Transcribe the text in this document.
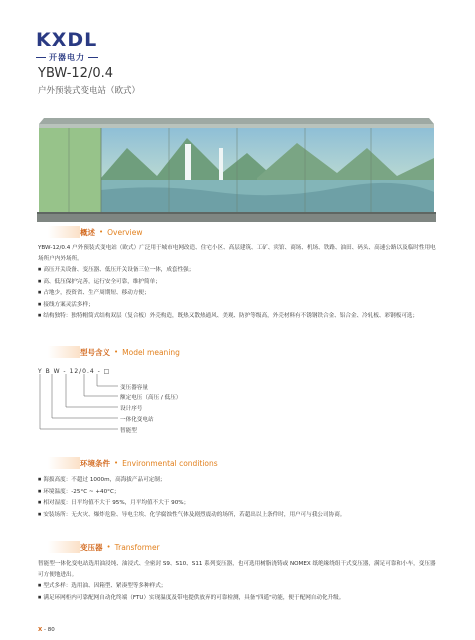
KXDL
开器电力
YBW-12/0.4
户外预装式变电站（欧式）
概述 • Overview
YBW-12/0.4 户外预装式变电站（欧式）广泛用于城市电网改造、住宅小区、高层建筑、工矿、宾馆、商场、机场、铁路、油田、码头、高速公路以及临时性用电场所户内外场所。
■ 高压开关设备、变压器、低压开关设备三位一体，成套性强；
■ 高、低压保护完善，运行安全可靠，维护简单；
■ 占地少，投资省、生产周期短、移动方便；
■ 接线方案灵活多样；
■ 结构独特：独特帽筒式结构双层（复合板）外壳构造，既热又散热通风、美观、防护等级高，外壳材料有不锈钢铁合金、铝合金、冷轧板、彩钢板可选；
型号含义 • Model meaning
Y B W - 12/0.4 - □
变压器容量
额定电压（高压 / 低压）
设计序号
一体化变电站
智能型
环境条件 • Environmental conditions
■ 海拔高度：不超过 1000m，高海拔产品可定制；
■ 环境温度：-25°C ~ +40°C；
■ 相对湿度：日平均值不大于 95%，月平均值不大于 90%；
■ 安装场所：无火灾、爆炸危险、导电尘埃、化学腐蚀性气体及剧烈震动的场所，若超出以上条件时，用户可与我公司协商。
变压器 • Transformer
智能型一体化变电站选用油浸纯、油浸式、全密封 S9、S10、S11 系列变压器，也可选用树脂浇铸或 NOMEX 纸绝缘绕组干式变压器，满足可靠和小车，变压器可方便地进出。
■ 型式多样：选用油、因箱型、紧凑型等多种样式；
■ 满足环网柜内可靠配网自动化终端（FTU）实现温度及带电提供放弃的可靠检测，具备"四遥"功能，便于配网自动化升级。
X - 80
